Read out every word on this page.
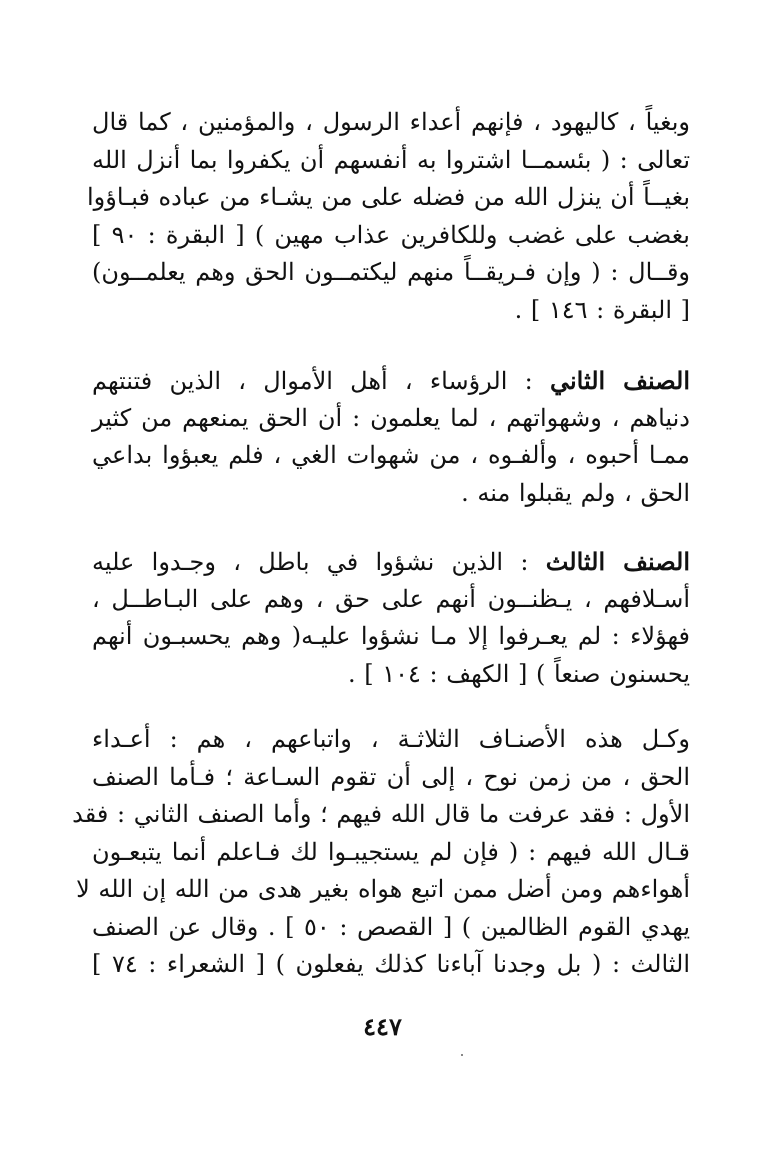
وبغياً ، كاليهود ، فإنهم أعداء الرسول ، والمؤمنين ، كما قال
تعالى : ( بئسمــا اشتروا به أنفسهم أن يكفروا بما أنزل الله
بغيــاً أن ينزل الله من فضله على من يشـاء من عباده فبـاؤوا
بغضب على غضب وللكافرين عذاب مهين ) [ البقرة : ٩٠ ]
وقــال : ( وإن فـريقــاً منهم ليكتمــون الحق وهم يعلمــون)
[ البقرة : ١٤٦ ] .
الصنف الثاني : الرؤساء ، أهل الأموال ، الذين فتنتهم
دنياهم ، وشهواتهم ، لما يعلمون : أن الحق يمنعهم من كثير
ممـا أحبوه ، وألفـوه ، من شهوات الغي ، فلم يعبؤوا بداعي
الحق ، ولم يقبلوا منه .
الصنف الثالث : الذين نشؤوا في باطل ، وجـدوا عليه
أسـلافهم ، يـظنــون أنهم على حق ، وهم على البـاطــل ،
فهؤلاء : لم يعـرفوا إلا مـا نشؤوا عليـه( وهم يحسبـون أنهم
يحسنون صنعاً ) [ الكهف : ١٠٤ ] .
وكـل هذه الأصنـاف الثلاثـة ، واتباعهم ، هم : أعـداء
الحق ، من زمن نوح ، إلى أن تقوم السـاعة ؛ فـأما الصنف
الأول : فقد عرفت ما قال الله فيهم ؛ وأما الصنف الثاني : فقد
قـال الله فيهم : ( فإن لم يستجيبـوا لك فـاعلم أنما يتبعـون
أهواءهم ومن أضل ممن اتبع هواه بغير هدى من الله إن الله لا
يهدي القوم الظالمين ) [ القصص : ٥٠ ] . وقال عن الصنف
الثالث : ( بل وجدنا آباءنا كذلك يفعلون ) [ الشعراء : ٧٤ ]
٤٤٧
